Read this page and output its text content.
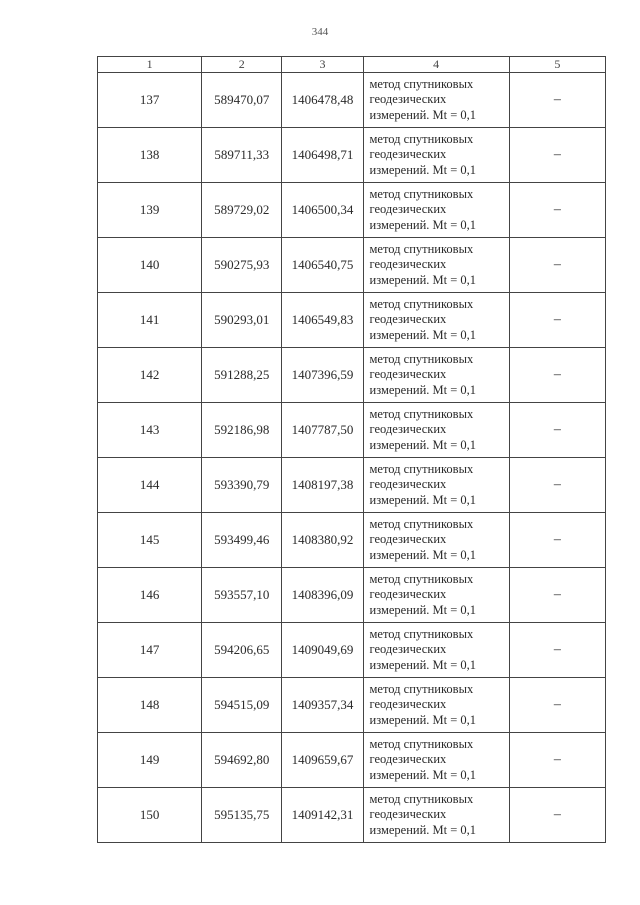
344
1	2	3	4	5
137	589470,07	1406478,48	метод спутниковых
геодезических
измерений. Mt = 0,1	–
138	589711,33	1406498,71	метод спутниковых
геодезических
измерений. Mt = 0,1	–
139	589729,02	1406500,34	метод спутниковых
геодезических
измерений. Mt = 0,1	–
140	590275,93	1406540,75	метод спутниковых
геодезических
измерений. Mt = 0,1	–
141	590293,01	1406549,83	метод спутниковых
геодезических
измерений. Mt = 0,1	–
142	591288,25	1407396,59	метод спутниковых
геодезических
измерений. Mt = 0,1	–
143	592186,98	1407787,50	метод спутниковых
геодезических
измерений. Mt = 0,1	–
144	593390,79	1408197,38	метод спутниковых
геодезических
измерений. Mt = 0,1	–
145	593499,46	1408380,92	метод спутниковых
геодезических
измерений. Mt = 0,1	–
146	593557,10	1408396,09	метод спутниковых
геодезических
измерений. Mt = 0,1	–
147	594206,65	1409049,69	метод спутниковых
геодезических
измерений. Mt = 0,1	–
148	594515,09	1409357,34	метод спутниковых
геодезических
измерений. Mt = 0,1	–
149	594692,80	1409659,67	метод спутниковых
геодезических
измерений. Mt = 0,1	–
150	595135,75	1409142,31	метод спутниковых
геодезических
измерений. Mt = 0,1	–
